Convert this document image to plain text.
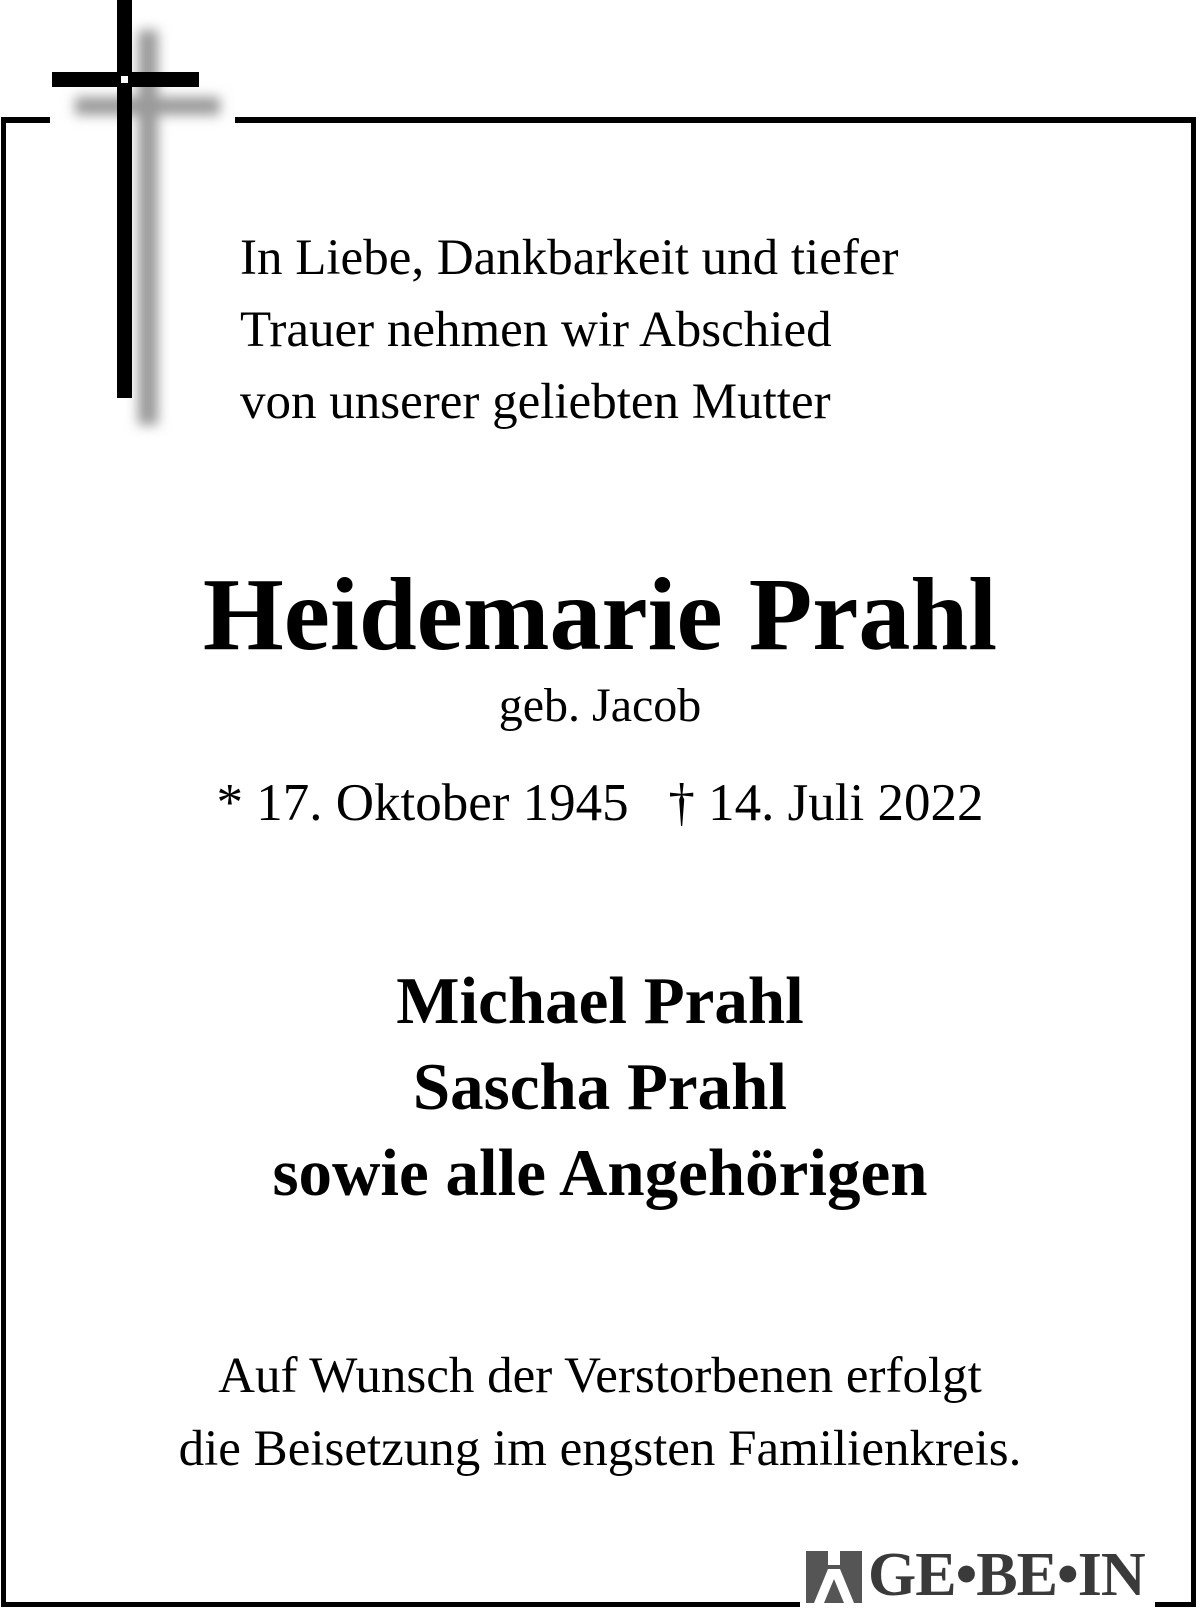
In Liebe, Dankbarkeit und tiefer
Trauer nehmen wir Abschied
von unserer geliebten Mutter
Heidemarie Prahl
geb. Jacob
* 17. Oktober 1945 † 14. Juli 2022
Michael Prahl
Sascha Prahl
sowie alle Angehörigen
Auf Wunsch der Verstorbenen erfolgt
die Beisetzung im engsten Familienkreis.
GE•BE•IN
